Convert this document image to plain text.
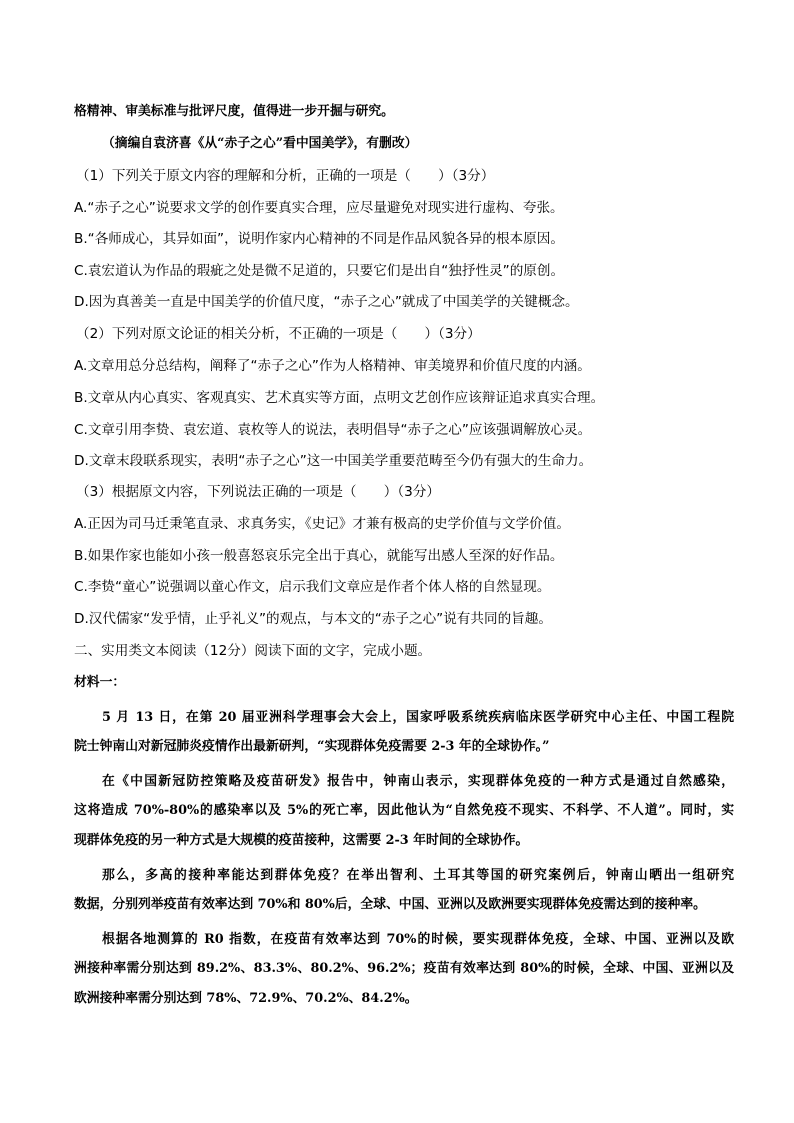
格精神、审美标准与批评尺度，值得进一步开掘与研究。
（摘编自袁济喜《从“赤子之心”看中国美学》，有删改）
（1）下列关于原文内容的理解和分析，正确的一项是（　　）（3分）
A.“赤子之心”说要求文学的创作要真实合理，应尽量避免对现实进行虚构、夸张。
B.“各师成心，其异如面”，说明作家内心精神的不同是作品风貌各异的根本原因。
C.袁宏道认为作品的瑕疵之处是微不足道的，只要它们是出自“独抒性灵”的原创。
D.因为真善美一直是中国美学的价值尺度，“赤子之心”就成了中国美学的关键概念。
（2）下列对原文论证的相关分析，不正确的一项是（　　）（3分）
A.文章用总分总结构，阐释了“赤子之心”作为人格精神、审美境界和价值尺度的内涵。
B.文章从内心真实、客观真实、艺术真实等方面，点明文艺创作应该辩证追求真实合理。
C.文章引用李贽、袁宏道、袁枚等人的说法，表明倡导“赤子之心”应该强调解放心灵。
D.文章末段联系现实，表明“赤子之心”这一中国美学重要范畴至今仍有强大的生命力。
（3）根据原文内容，下列说法正确的一项是（　　）（3分）
A.正因为司马迁秉笔直录、求真务实，《史记》才兼有极高的史学价值与文学价值。
B.如果作家也能如小孩一般喜怒哀乐完全出于真心，就能写出感人至深的好作品。
C.李贽“童心”说强调以童心作文，启示我们文章应是作者个体人格的自然显现。
D.汉代儒家“发乎情，止乎礼义”的观点，与本文的“赤子之心”说有共同的旨趣。
二、实用类文本阅读（12分）阅读下面的文字，完成小题。
材料一：
5 月 13 日，在第 20 届亚洲科学理事会大会上，国家呼吸系统疾病临床医学研究中心主任、中国工程院
院士钟南山对新冠肺炎疫情作出最新研判，“实现群体免疫需要 2-3 年的全球协作。”
在《中国新冠防控策略及疫苗研发》报告中，钟南山表示，实现群体免疫的一种方式是通过自然感染，
这将造成 70%-80%的感染率以及 5%的死亡率，因此他认为“自然免疫不现实、不科学、不人道”。同时，实
现群体免疫的另一种方式是大规模的疫苗接种，这需要 2-3 年时间的全球协作。
那么，多高的接种率能达到群体免疫？在举出智利、土耳其等国的研究案例后，钟南山晒出一组研究
数据，分别列举疫苗有效率达到 70%和 80%后，全球、中国、亚洲以及欧洲要实现群体免疫需达到的接种率。
根据各地测算的 R0 指数，在疫苗有效率达到 70%的时候，要实现群体免疫，全球、中国、亚洲以及欧
洲接种率需分别达到 89.2%、83.3%、80.2%、96.2%；疫苗有效率达到 80%的时候，全球、中国、亚洲以及
欧洲接种率需分别达到 78%、72.9%、70.2%、84.2%。
